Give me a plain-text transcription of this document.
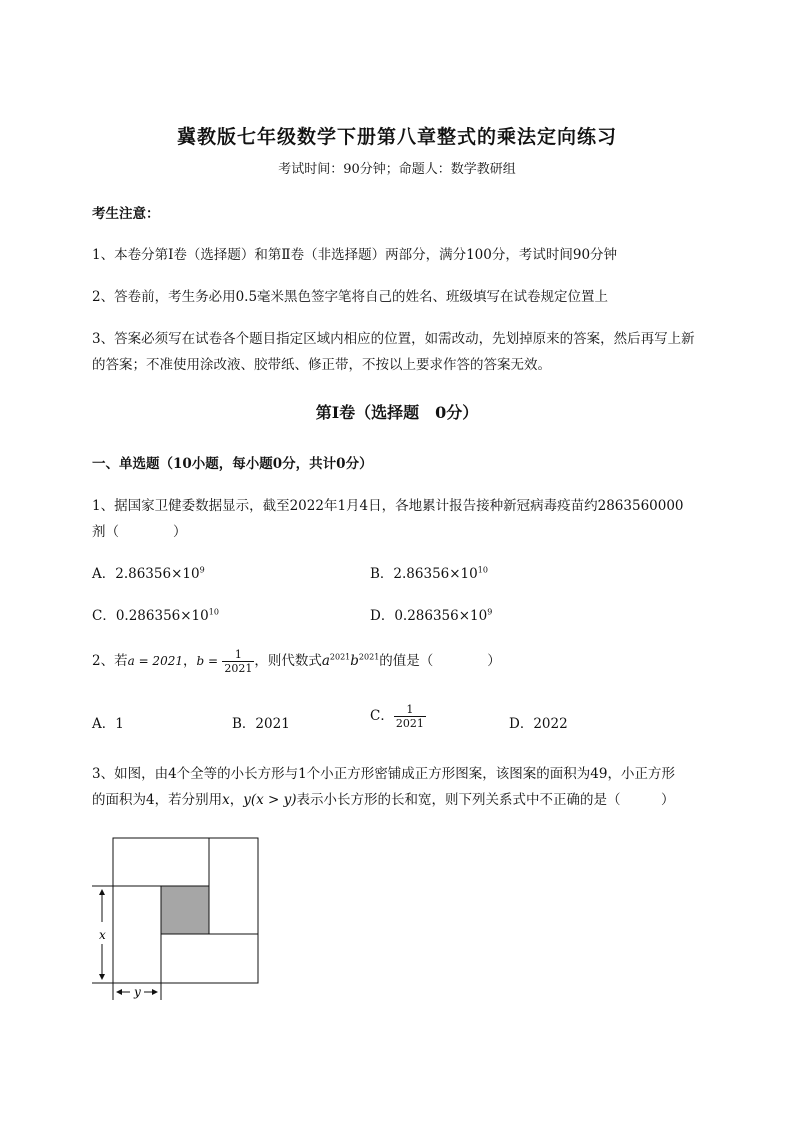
冀教版七年级数学下册第八章整式的乘法定向练习
考试时间：90分钟；命题人：数学教研组
考生注意：
1、本卷分第I卷（选择题）和第Ⅱ卷（非选择题）两部分，满分100分，考试时间90分钟
2、答卷前，考生务必用0.5毫米黑色签字笔将自己的姓名、班级填写在试卷规定位置上
3、答案必须写在试卷各个题目指定区域内相应的位置，如需改动，先划掉原来的答案，然后再写上新
的答案；不准使用涂改液、胶带纸、修正带，不按以上要求作答的答案无效。
第I卷（选择题　0分）
一、单选题（10小题，每小题0分，共计0分）
1、据国家卫健委数据显示，截至2022年1月4日，各地累计报告接种新冠病毒疫苗约2863560000
剂（　　　　）
A．$2.86356\times 10^9$	B．$2.86356\times 10^{10}$
C．$0.286356\times 10^{10}$	D．$0.286356\times 10^9$
2、若a = 2021，$b = \frac{1}{2021}$ ，则代数式$a^{2021}b^{2021}$的值是（　　　　）
A．1	B．2021	C． $\frac{1}{2021}$	D．2022
3、如图，由4个全等的小长方形与1个小正方形密铺成正方形图案，该图案的面积为49，小正方形
的面积为4，若分别用x，y(x > y)表示小长方形的长和宽，则下列关系式中不正确的是（　　　）
x
y
